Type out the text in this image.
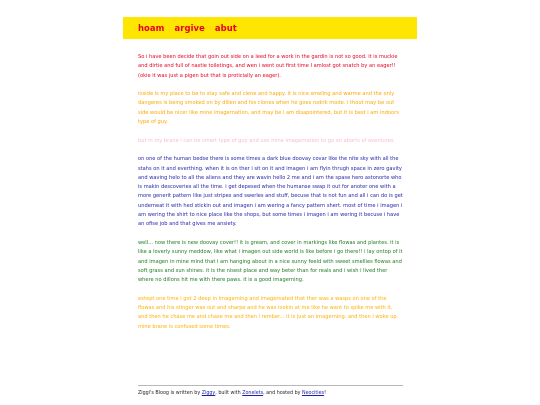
hoam argive abut

So i have been decide that goin out side on a leed for a work in the gardin is not so good. it is muckie and dirtie and full of nastie toiletings, and wen i went out first time I amlost got snatch by an eager!! (okie it was just a pigen but that is proticially an eager).

inside is my place to be to stay safe and clene and happy. it is nice smeling and warme and the only dangeres is being smoked on by dillen and his clones when he goes rodrik mode. i thout may be out side would be nicer like mine imagernation, and may be i am disapointered, but it is best i am indoors type of guy.

but in my brane i can be smart type of guy and use mine imagernation to go on aborts of aventures.

on one of the human bedse there is some times a dark blue doovay covar like the nite sky with all the stahs on it and everthing. when it is on ther i sit on it and imagen i am flyin thrugh space in zero gavity and waving helo to all the aliens and they are wavin hello 2 me and i am the spase hero astonorte who is makin descoveries all the time. i get depesed when the humanse swap it out for anoter one with a more generit pattern like just stripes and swerles and stuff, becuse that is not fun and all i can do is get underneat it with hed stickin out and imagen i am wering a fancy pattern shert. most of time i imagen i am wering the shirt to nice place like the shops, but some times i imagen i am wering it becuse i have an ofise job and that gives me ansiety.

well... now there is new doovay cover!! it is gream, and cover in markings like flowas and plantes. it is like a loverly sunny meddow, like what i imagen out side world is like before i go there!! i lay ontop of it and imagen in mine mind that i am hanging about in a nice sunny feeld with sweet smellies flowas and soft grass and sun shines. it is the nisest place and way beter than for reals and i wish i lived ther where no dillons hit me with there paws. it is a good imagerning.

extept one time i got 2 deep in imagerning and imagernated that ther was a wasps on one of the flowas and his stinger was out and sharpe and he was lookin at me like he want to spike me with it. and then he chase me and chase me and then i rember... it is just an imagerning. and then i woke up. mine brane is confused some times.

Ziggi's Bloog is written by Ziggy, built with Zonelets, and hosted by Neocities!
